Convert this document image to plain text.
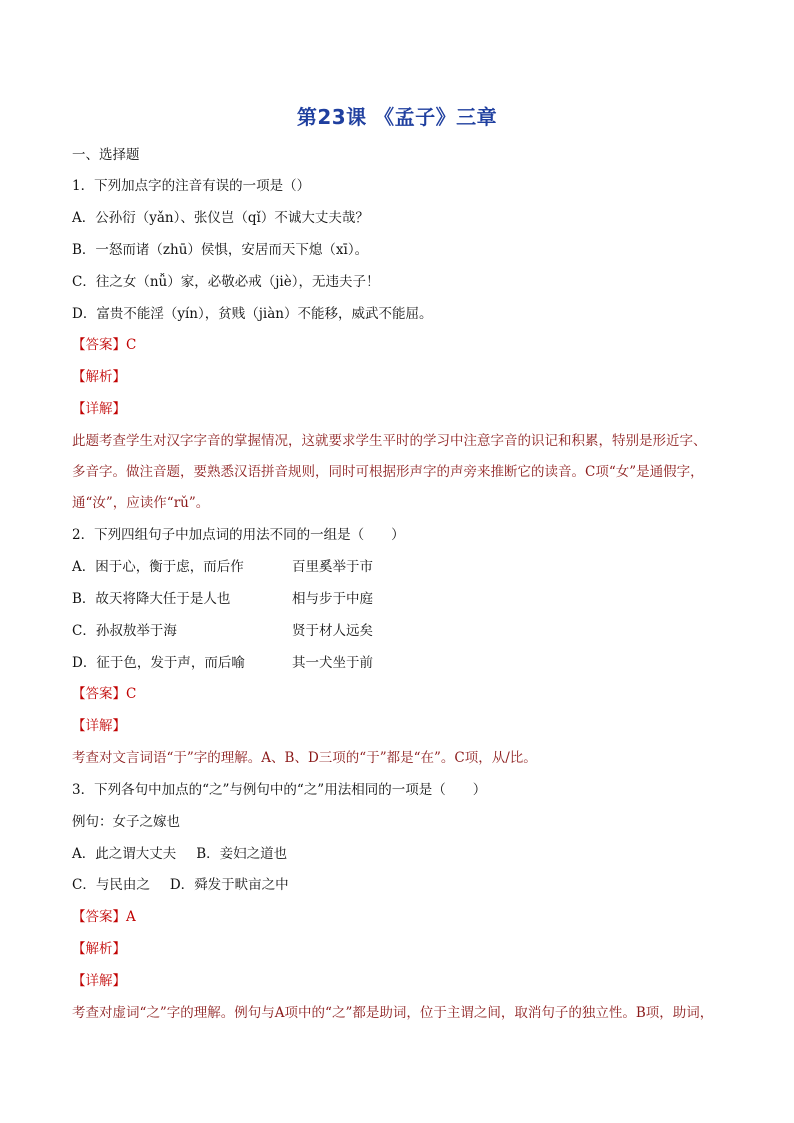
第23课 《孟子》三章
一、选择题
1．下列加点字的注音有误的一项是（）
A．公孙衍（yǎn）、张仪岂（qǐ）不诚大丈夫哉？
B．一怒而诸（zhū）侯惧，安居而天下熄（xī）。
C．往之女（nǚ）家，必敬必戒（jiè），无违夫子！
D．富贵不能淫（yín），贫贱（jiàn）不能移，威武不能屈。
【答案】C
【解析】
【详解】
此题考查学生对汉字字音的掌握情况，这就要求学生平时的学习中注意字音的识记和积累，特别是形近字、
多音字。做注音题，要熟悉汉语拼音规则，同时可根据形声字的声旁来推断它的读音。C项“女”是通假字，
通“汝”，应读作“rǔ”。
2．下列四组句子中加点词的用法不同的一组是（　　）
A．困于心，衡于虑，而后作	百里奚举于市
B．故天将降大任于是人也	相与步于中庭
C．孙叔敖举于海	贤于材人远矣
D．征于色，发于声，而后喻	其一犬坐于前
【答案】C
【详解】
考查对文言词语“于”字的理解。A、B、D三项的“于”都是“在”。C项，从/比。
3．下列各句中加点的“之”与例句中的“之”用法相同的一项是（　　）
例句：女子之嫁也
A．此之谓大丈夫 B．妾妇之道也
C．与民由之 D．舜发于畎亩之中
【答案】A
【解析】
【详解】
考查对虚词“之”字的理解。例句与A项中的“之”都是助词，位于主谓之间，取消句子的独立性。B项，助词，
